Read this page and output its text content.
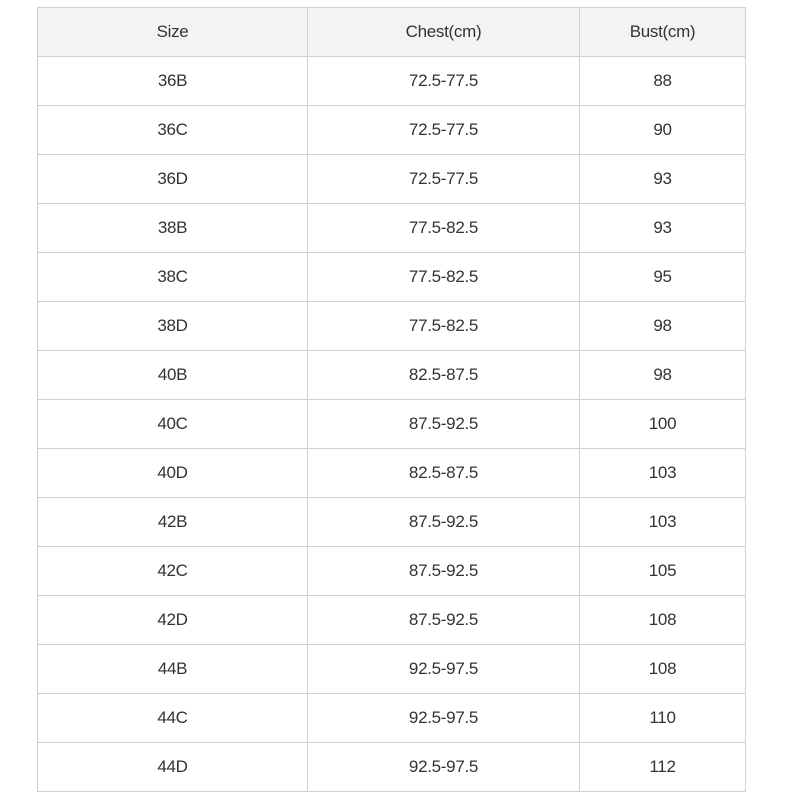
Size	Chest(cm)	Bust(cm)
36B	72.5-77.5	88
36C	72.5-77.5	90
36D	72.5-77.5	93
38B	77.5-82.5	93
38C	77.5-82.5	95
38D	77.5-82.5	98
40B	82.5-87.5	98
40C	87.5-92.5	100
40D	82.5-87.5	103
42B	87.5-92.5	103
42C	87.5-92.5	105
42D	87.5-92.5	108
44B	92.5-97.5	108
44C	92.5-97.5	110
44D	92.5-97.5	112
